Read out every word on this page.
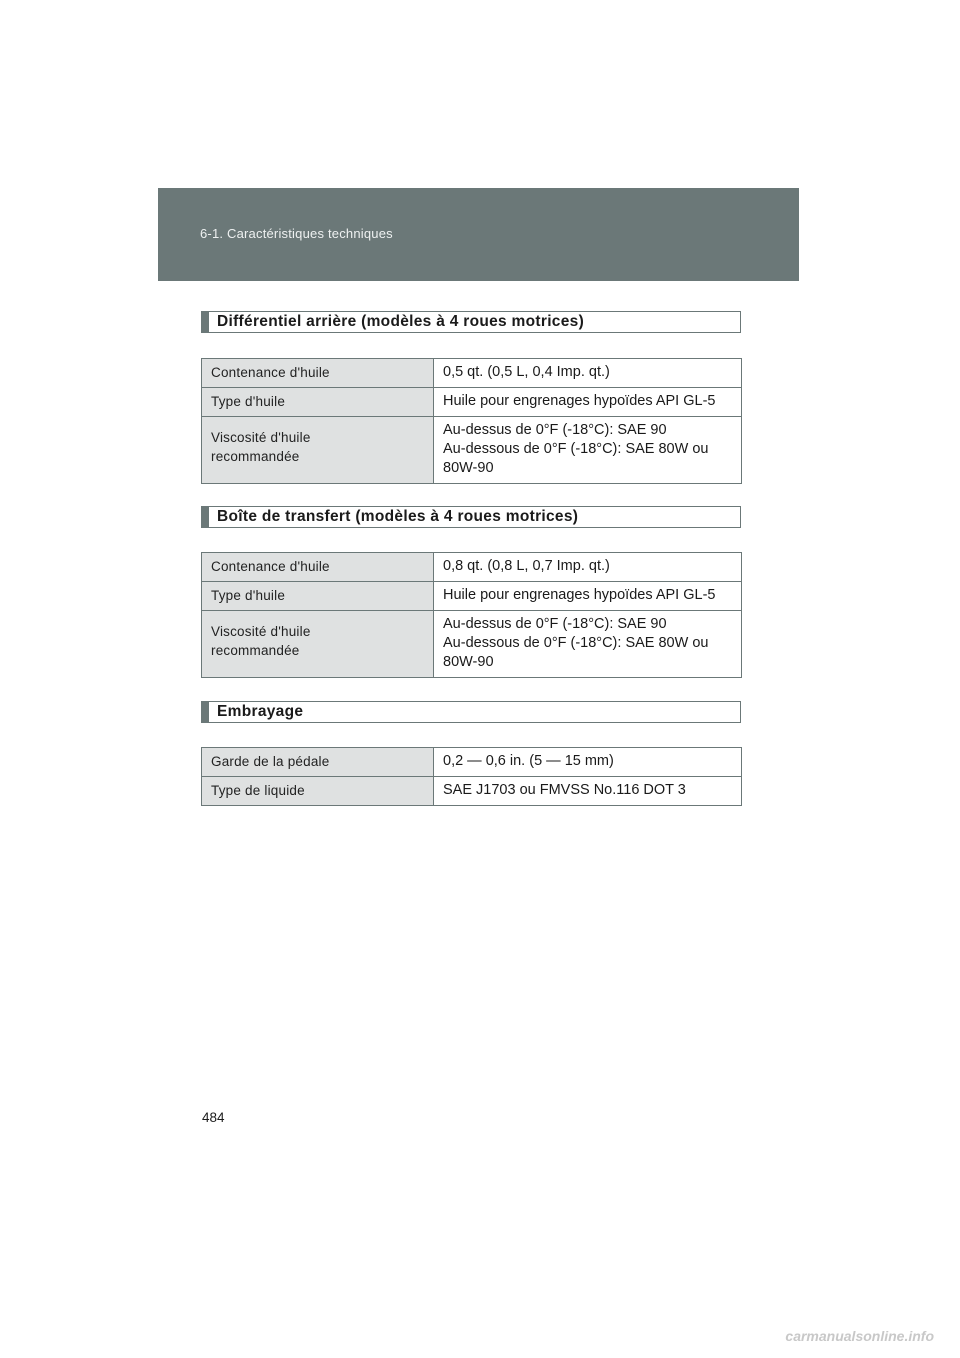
6-1. Caractéristiques techniques
Différentiel arrière (modèles à 4 roues motrices)
Contenance d'huile	0,5 qt. (0,5 L, 0,4 Imp. qt.)
Type d'huile	Huile pour engrenages hypoïdes API GL-5
Viscosité d'huile
recommandée	Au-dessus de 0°F (-18°C): SAE 90
Au-dessous de 0°F (-18°C): SAE 80W ou
80W-90
Boîte de transfert (modèles à 4 roues motrices)
Contenance d'huile	0,8 qt. (0,8 L, 0,7 Imp. qt.)
Type d'huile	Huile pour engrenages hypoïdes API GL-5
Viscosité d'huile
recommandée	Au-dessus de 0°F (-18°C): SAE 90
Au-dessous de 0°F (-18°C): SAE 80W ou
80W-90
Embrayage
Garde de la pédale	0,2 — 0,6 in. (5 — 15 mm)
Type de liquide	SAE J1703 ou FMVSS No.116 DOT 3
484
carmanualsonline.info
